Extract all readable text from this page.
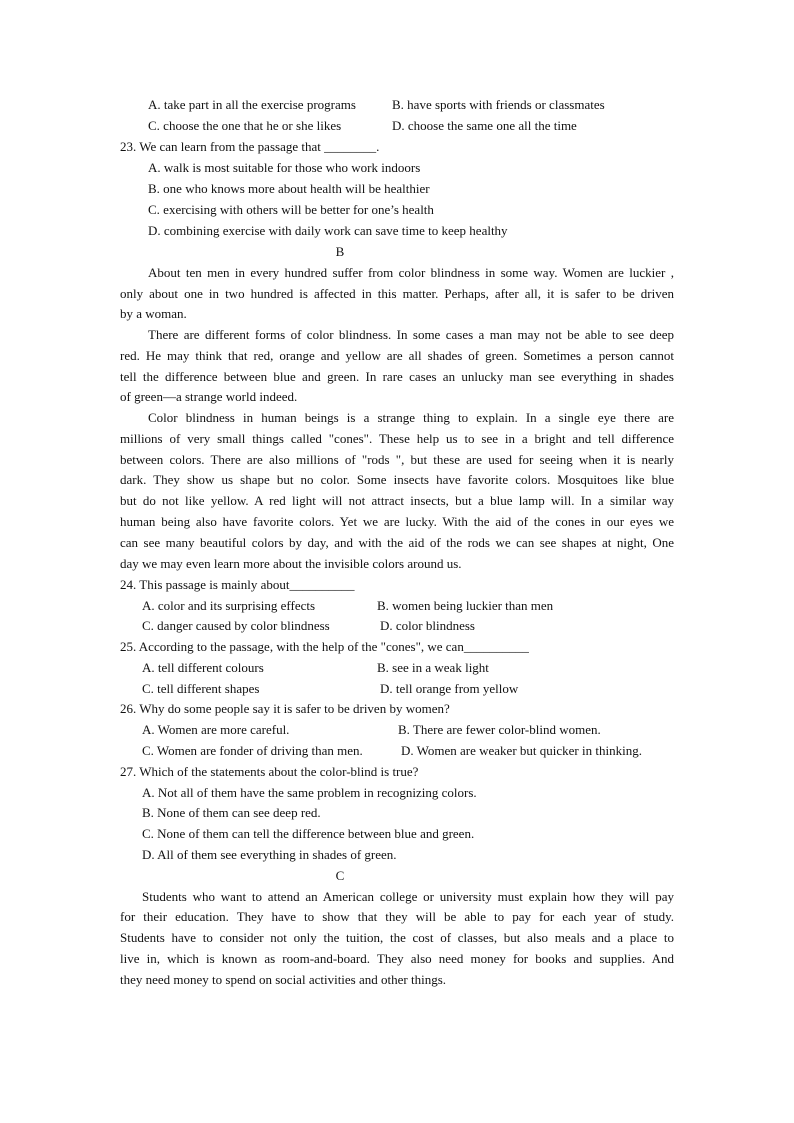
A. take part in all the exercise programs	B. have sports with friends or classmates
C. choose the one that he or she likes	D. choose the same one all the time
23. We can learn from the passage that ________.
A. walk is most suitable for those who work indoors
B. one who knows more about health will be healthier
C. exercising with others will be better for one’s health
D. combining exercise with daily work can save time to keep healthy
B
About ten men in every hundred suffer from color blindness in some way. Women are luckier ,
only about one in two hundred is affected in this matter. Perhaps, after all, it is safer to be driven
by a woman.
There are different forms of color blindness. In some cases a man may not be able to see deep
red. He may think that red, orange and yellow are all shades of green. Sometimes a person cannot
tell the difference between blue and green. In rare cases an unlucky man see everything in shades
of green—a strange world indeed.
Color blindness in human beings is a strange thing to explain. In a single eye there are
millions of very small things called "cones". These help us to see in a bright and tell difference
between colors. There are also millions of "rods ", but these are used for seeing when it is nearly
dark. They show us shape but no color. Some insects have favorite colors. Mosquitoes like blue
but do not like yellow. A red light will not attract insects, but a blue lamp will. In a similar way
human being also have favorite colors. Yet we are lucky. With the aid of the cones in our eyes we
can see many beautiful colors by day, and with the aid of the rods we can see shapes at night, One
day we may even learn more about the invisible colors around us.
24. This passage is mainly about__________
A. color and its surprising effects	B. women being luckier than men
C. danger caused by color blindness	D. color blindness
25. According to the passage, with the help of the "cones", we can__________
A. tell different colours	B. see in a weak light
C. tell different shapes	D. tell orange from yellow
26. Why do some people say it is safer to be driven by women?
A. Women are more careful.	B. There are fewer color-blind women.
C. Women are fonder of driving than men.	D. Women are weaker but quicker in thinking.
27. Which of the statements about the color-blind is true?
A. Not all of them have the same problem in recognizing colors.
B. None of them can see deep red.
C. None of them can tell the difference between blue and green.
D. All of them see everything in shades of green.
C
Students who want to attend an American college or university must explain how they will pay
for their education. They have to show that they will be able to pay for each year of study.
Students have to consider not only the tuition, the cost of classes, but also meals and a place to
live in, which is known as room-and-board. They also need money for books and supplies. And
they need money to spend on social activities and other things.
